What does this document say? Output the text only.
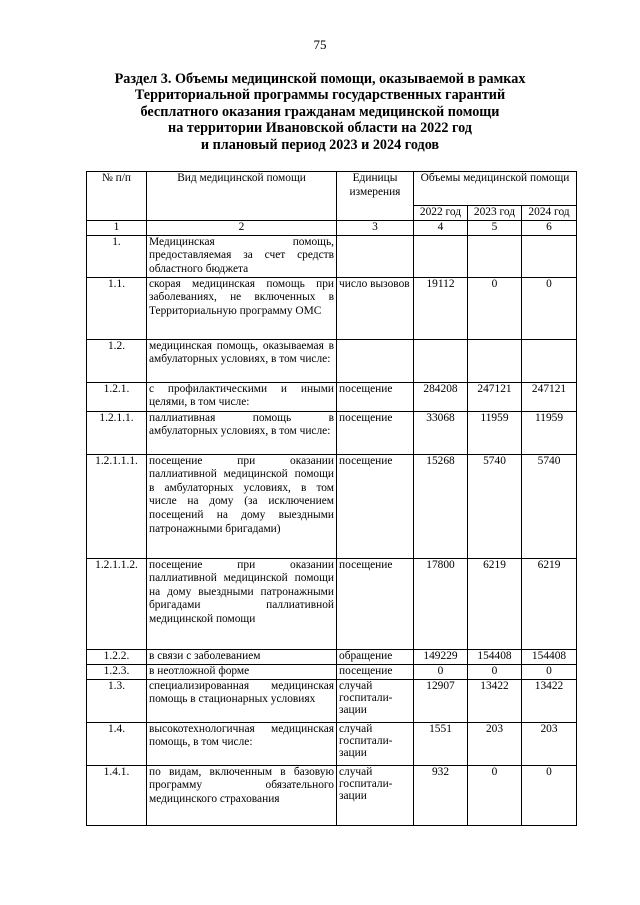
75
Раздел 3. Объемы медицинской помощи, оказываемой в рамках
Территориальной программы государственных гарантий
бесплатного оказания гражданам медицинской помощи
на территории Ивановской области на 2022 год
и плановый период 2023 и 2024 годов
№ п/п	Вид медицинской помощи	Единицы измерения	Объемы медицинской помощи		
			2022 год	2023 год	2024 год
1	2	3	4	5	6
1.	Медицинская помощь, предоставляемая за счет средств областного бюджета				
1.1.	скорая медицинская помощь при заболеваниях, не включенных в Территориальную программу ОМС	число вызовов	19112	0	0
1.2.	медицинская помощь, оказываемая в амбулаторных условиях, в том числе:				
1.2.1.	с профилактическими и иными целями, в том числе:	посещение	284208	247121	247121
1.2.1.1.	паллиативная помощь в амбулаторных условиях, в том числе:	посещение	33068	11959	11959
1.2.1.1.1.	посещение при оказании паллиативной медицинской помощи в амбулаторных условиях, в том числе на дому (за исключением посещений на дому выездными патронажными бригадами)	посещение	15268	5740	5740
1.2.1.1.2.	посещение при оказании паллиативной медицинской помощи на дому выездными патронажными бригадами паллиативной медицинской помощи	посещение	17800	6219	6219
1.2.2.	в связи с заболеванием	обращение	149229	154408	154408
1.2.3.	в неотложной форме	посещение	0	0	0
1.3.	специализированная медицинская помощь в стационарных условиях	случай госпитали-зации	12907	13422	13422
1.4.	высокотехнологичная медицинская помощь, в том числе:	случай госпитали-зации	1551	203	203
1.4.1.	по видам, включенным в базовую программу обязательного медицинского страхования	случай госпитали-зации	932	0	0
